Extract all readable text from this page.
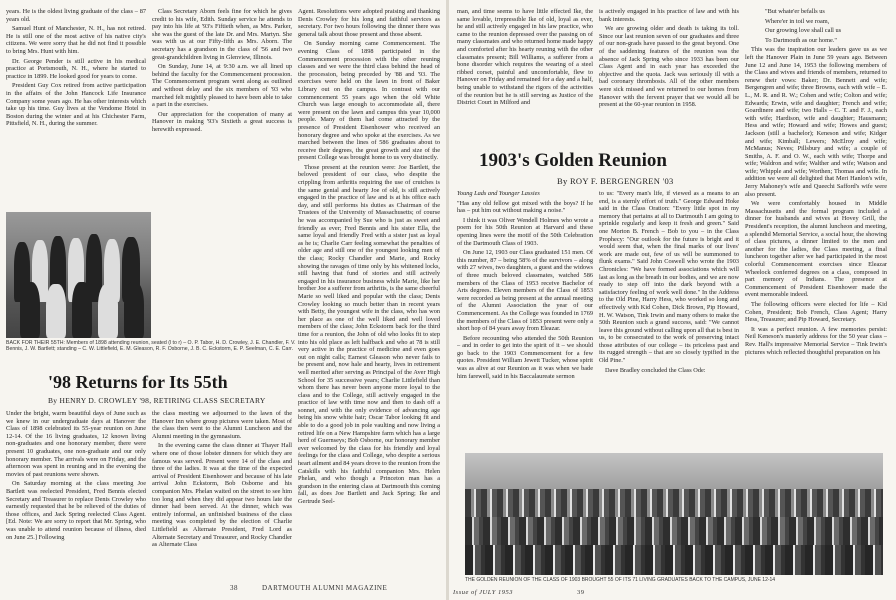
years. He is the oldest living graduate of the class – 87 years old.

Samuel Hunt of Manchester, N. H., has not retired. He is still one of the most active of his native city's citizens. We were sorry that he did not find it possible to bring Mrs. Hunt with him.

Dr. George Pender is still active in his medical practice at Portsmouth, N. H., where he started to practice in 1899. He looked good for years to come.

President Guy Cox retired from active participation in the affairs of the John Hancock Life Insurance Company some years ago. He has other interests which take up his time. Guy lives at the Vendome Hotel in Boston during the winter and at his Chichester Farm, Pittsfield, N. H., during the summer.

Class Secretary Aborn feels fine for which he gives credit to his wife, Edith. Sunday service he attends to pay into his life at '93's Fiftieth when, as Mrs. Parker, she was the guest of the late Dr. and Mrs. Martyn. She was with us at our Fifty-fifth as Mrs. Aborn. The secretary has a grandson in the class of '56 and two great-grandchildren living in Glenview, Illinois.

On Sunday, June 14, at 9:30 a.m. we all lined up behind the faculty for the Commencement procession. The Commencement program went along as outlined and without delay and the six members of '93 who marched felt mightily pleased to have been able to take a part in the exercises.

Our appreciation for the cooperation of many at Hanover in making '93's Sixtieth a great success is herewith expressed.

Agent. Resolutions were adopted praising and thanking Denis Crowley for his long and faithful services as secretary. For two hours following the dinner there was general talk about those present and those absent.

On Sunday morning came Commencement. The evening Class of 1898 participated in the Commencement procession with the other reuning classes and we were the third class behind the head of the procession, being preceded by '88 and '93. The exercises were held on the lawn in front of Baker Library out on the campus. In contrast with our commencement 55 years ago when the old White Church was large enough to accommodate all, there were present on the lawn and campus this year 10,000 people. Many of them had come attracted by the presence of President Eisenhower who received an honorary degree and who spoke at the exercises. As we marched between the lines of 586 graduates about to receive their degrees, the great growth and size of the present College was brought home to us very distinctly.

Those present at the reunion were: Joe Bartlett, the beloved president of our class, who despite the crippling from arthritis requiring the use of crutches is the same genial and hearty Joe of old, is still actively engaged in the practice of law and is at his office each day, and still performs his duties as Chairman of the Trustees of the University of Massachusetts; of course he was accompanied by Sue who is just as sweet and friendly as ever; Fred Bennis and his sister Ella, the same loyal and friendly Fred with a sister just as loyal as he is; Charlie Carr feeling somewhat the penalties of older age and still one of the youngest looking men of the class; Rocky Chandler and Marie, and Rocky showing the ravages of time only by his whitened locks, still having that fund of stories and still actively engaged in his insurance business while Marie, like her brother Joe a sufferer from arthritis, is the same cheerful Marie so well liked and popular with the class; Denis Crowley looking so much better than in recent years with Betty, the youngest wife in the class, who has won her place as one of the well liked and well loved members of the class; John Eckstorm back for the third time for a reunion, the John of old who looks fit to step into his old place as left halfback and who at 78 is still very active in the practice of medicine and even goes out on night calls; Earnest Gleason who never fails to be present and, now hale and hearty, lives in retirement well merited after serving as Principal of the Aver High School for 35 successive years; Charlie Littlefield than whom there has never been anyone more loyal to the class and to the College, still actively engaged in the practice of law with time now and then to dash off a sonnet, and with the only evidence of advancing age being his snow white hair; Oscar Tabor looking fit and able to do a good job in pole vaulting and now living a retired life on a New Hampshire farm which has a large herd of Guernseys; Bob Osborne, our honorary member ever welcomed by the class for his friendly and loyal feelings for the class and College, who despite a serious heart ailment and 84 years drove to the reunion from the Catskills with his faithful companion Mrs. Helen Phelan, and who though a Princeton man has a grandson in the entering class at Dartmouth this coming fall, as does Joe Bartlett and Jack Spring; Ike and Gertrude Seel-

BACK FOR THEIR 55TH: Members of 1898 attending reunion, seated (l to r) – O. P. Tabor, H. D. Crowley, J. E. Chandler, F. V. Bennis, J. W. Bartlett; standing – C. W. Littlefield, E. M. Gleason, R. F. Osborne, J. B. C. Eckstorm, E. P. Seelman, C. E. Carr.
'98 Returns for Its 55th
By HENRY D. CROWLEY '98, RETIRING CLASS SECRETARY

Under the bright, warm beautiful days of June such as we knew in our undergraduate days at Hanover the Class of 1898 celebrated its 55-year reunion on June 12-14. Of the 16 living graduates, 12 known living non-graduates and one honorary member, there were present 10 graduates, one non-graduate and our only honorary member. The arrivals were on Friday, and the afternoon was spent in reuning and in the evening the movies of past reunions were shown.

On Saturday morning at the class meeting Joe Bartlett was reelected President, Fred Bennis elected Secretary and Treasurer to replace Denis Crowley who earnestly requested that he be relieved of the duties of those offices, and Jack Spring reelected Class Agent. [Ed. Note: We are sorry to report that Mr. Spring, who was unable to attend reunion because of illness, died on June 25.] Following

the class meeting we adjourned to the lawn of the Hanover Inn where group pictures were taken. Most of the class then went to the Alumni Luncheon and the Alumni meeting in the gymnasium.

In the evening came the class dinner at Thayer Hall where one of those lobster dinners for which they are famous was served. Present were 14 of the class and three of the ladies. It was at the time of the expected arrival of President Eisenhower and because of his late arrival John Eckstorm, Bob Osborne and his companion Mrs. Phelan waited on the street to see him too long and when they did appear two hours late the dinner had been served. At the dinner, which was entirely informal, an unfinished business of the class meeting was completed by the election of Charlie Littlefield as Alternate President, Fred Lord as Alternate Secretary and Treasurer, and Rocky Chandler as Alternate Class

38	DARTMOUTH ALUMNI MAGAZINE

man, and time seems to have little effected Ike, the same lovable, irrepressible Ike of old, loyal as ever, he and still actively engaged in his law practice, who came to the reunion depressed over the passing on of many classmates and who returned home made happy and comforted after his hearty reuning with the other classmates present; Bill Williams, a sufferer from a bone disorder which requires the wearing of a steel ribbed corset, painful and uncomfortable, flew to Hanover on Friday and remained for a day and a half, being unable to withstand the rigors of the activities of the reunion but he is still serving as Justice of the District Court in Milford and

is actively engaged in his practice of law and with his bank interests.

We are growing older and death is taking its toll. Since our last reunion seven of our graduates and three of our non-grads have passed to the great beyond. One of the saddening features of the reunion was the absence of Jack Spring who since 1933 has been our Class Agent and in each year has exceeded the objective and the quota. Jack was seriously ill with a bad coronary thrombosis. All of the other members were sick missed and we returned to our homes from Hanover with the fervent prayer that we would all be present at the 60-year reunion in 1958.

"But whate'er befalls us

Where'er in toil we roam,

Our growing love shall call us

To Dartmouth as our home."

This was the inspiration our leaders gave us as we left the Hanover Plain in June 59 years ago. Between June 12 and June 14, 1953 the following members of the Class and wives and friends of members, returned to renew their vows: Baker; Dr. Bennett and wife; Bergengren and wife; three Browns, each with wife – E. L., M. R. and R. W.; Cohen and wife; Colton and wife; Edwards; Erwin, wife and daughter; French and wife; Goardinere and wife; two Halls – C. T. and F. J., each with wife; Hardison, wife and daughter; Hausmann; Hess and wife; Howard and wife; Howes and guest; Jackson (still a bachelor); Keneson and wife; Kidger and wife; Kimball; Lewers; McElroy and wife; McManus; Neves; Pillsbury and wife; a couple of Smiths, A. F. and O. W., each with wife; Thorpe and wife; Waldron and wife; Walther and wife; Watson and wife; Whipple and wife; Worthen; Thomas and wife. In addition we were all delighted that Meri Hanlon's wife, Jerry Mahoney's wife and Queechi Safford's wife were also present.

We were comfortably housed in Middle Massachusetts and the formal program included a dinner for husbands and wives at Hovey Grill, the President's reception, the alumni luncheon and meeting, a splendid Memorial Service, a social hour, the showing of class pictures, a dinner limited to the men and another for the ladies, the Class meeting, a final luncheon together after we had participated in the most colorful Commencement exercises since Eleazar Wheelock conferred degrees on a class, composed in part memory of Indians. The presence at Commencement of President Eisenhower made the event memorable indeed.

The following officers were elected for life – Kid Cohen, President; Bob French, Class Agent; Harry Hess, Treasurer; and Pip Howard, Secretary.

It was a perfect reunion. A few memories persist: Neil Keneson's masterly address for the 50 year class – Rev. Hall's impressive Memorial Service – Tink Irwin's pictures which reflected thoughtful preparation on his

1903's Golden Reunion
By ROY F. BERGENGREN '03

Young Lads and Younger Lassies

"Has any old fellow got mixed with the boys? If he has – put him out without making a noise."

I think it was Oliver Wendell Holmes who wrote a poem for his 50th Reunion at Harvard and these opening lines were the motif of the 50th Celebration of the Dartmouth Class of 1903.

On June 12, 1903 our Class graduated 151 men. Of this number, 87 – being 58% of the survivors – along with 27 wives, two daughters, a guest and the widows of three much beloved classmates, watched 586 members of the Class of 1953 receive Bachelor of Arts degrees. Eleven members of the Class of 1853 were recorded as being present at the annual meeting of the Alumni Association the year of our Commencement. As the College was founded in 1769 the members of the Class of 1853 present were only a short hop of 84 years away from Eleazar.

Before recounting who attended the 50th Reunion – and in order to get into the spirit of it – we should go back to the 1903 Commencement for a few quotes. President William Jewett Tucker, whose spirit was as alive at our Reunion as it was when we bade him farewell, said in his Baccalaureate sermon

to us: "Every man's life, if viewed as a means to an end, is a sternly effort of truth." George Edward Hoke said in the Class Oration: "Every little spot in my memory that pertains at all to Dartmouth I am going to sprinkle regularly and keep it fresh and green." Said one Morton B. French – Bob to you – in the Class Prophecy: "Our outlook for the future is bright and it would seem that, when the final marks of our lives' work are made out, few of us will be summoned to flunk exams." Said John Coswell who wrote the 1903 Chronicles: "We have formed associations which will last as long as the breath in our bodies, and we are now ready to step off into the dark beyond with a satisfactory feeling of work well done." In the Address to the Old Pine, Harry Hess, who worked so long and effectively with Kid Cohen, Dick Brown, Pip Howard, H. W. Watson, Tink Irwin and many others to make the 50th Reunion such a grand success, said: "We cannot leave this ground without calling upon all that is best in us, to be consecrated to the work of preserving intact those attributes of our college – its priceless past and its rugged strength – that are so closely typified in the Old Pine."

Dave Bradley concluded the Class Ode:

THE GOLDEN REUNION OF THE CLASS OF 1903 BROUGHT 55 OF ITS 71 LIVING GRADUATES BACK TO THE CAMPUS, JUNE 12-14
Issue of JULY 1953	39
